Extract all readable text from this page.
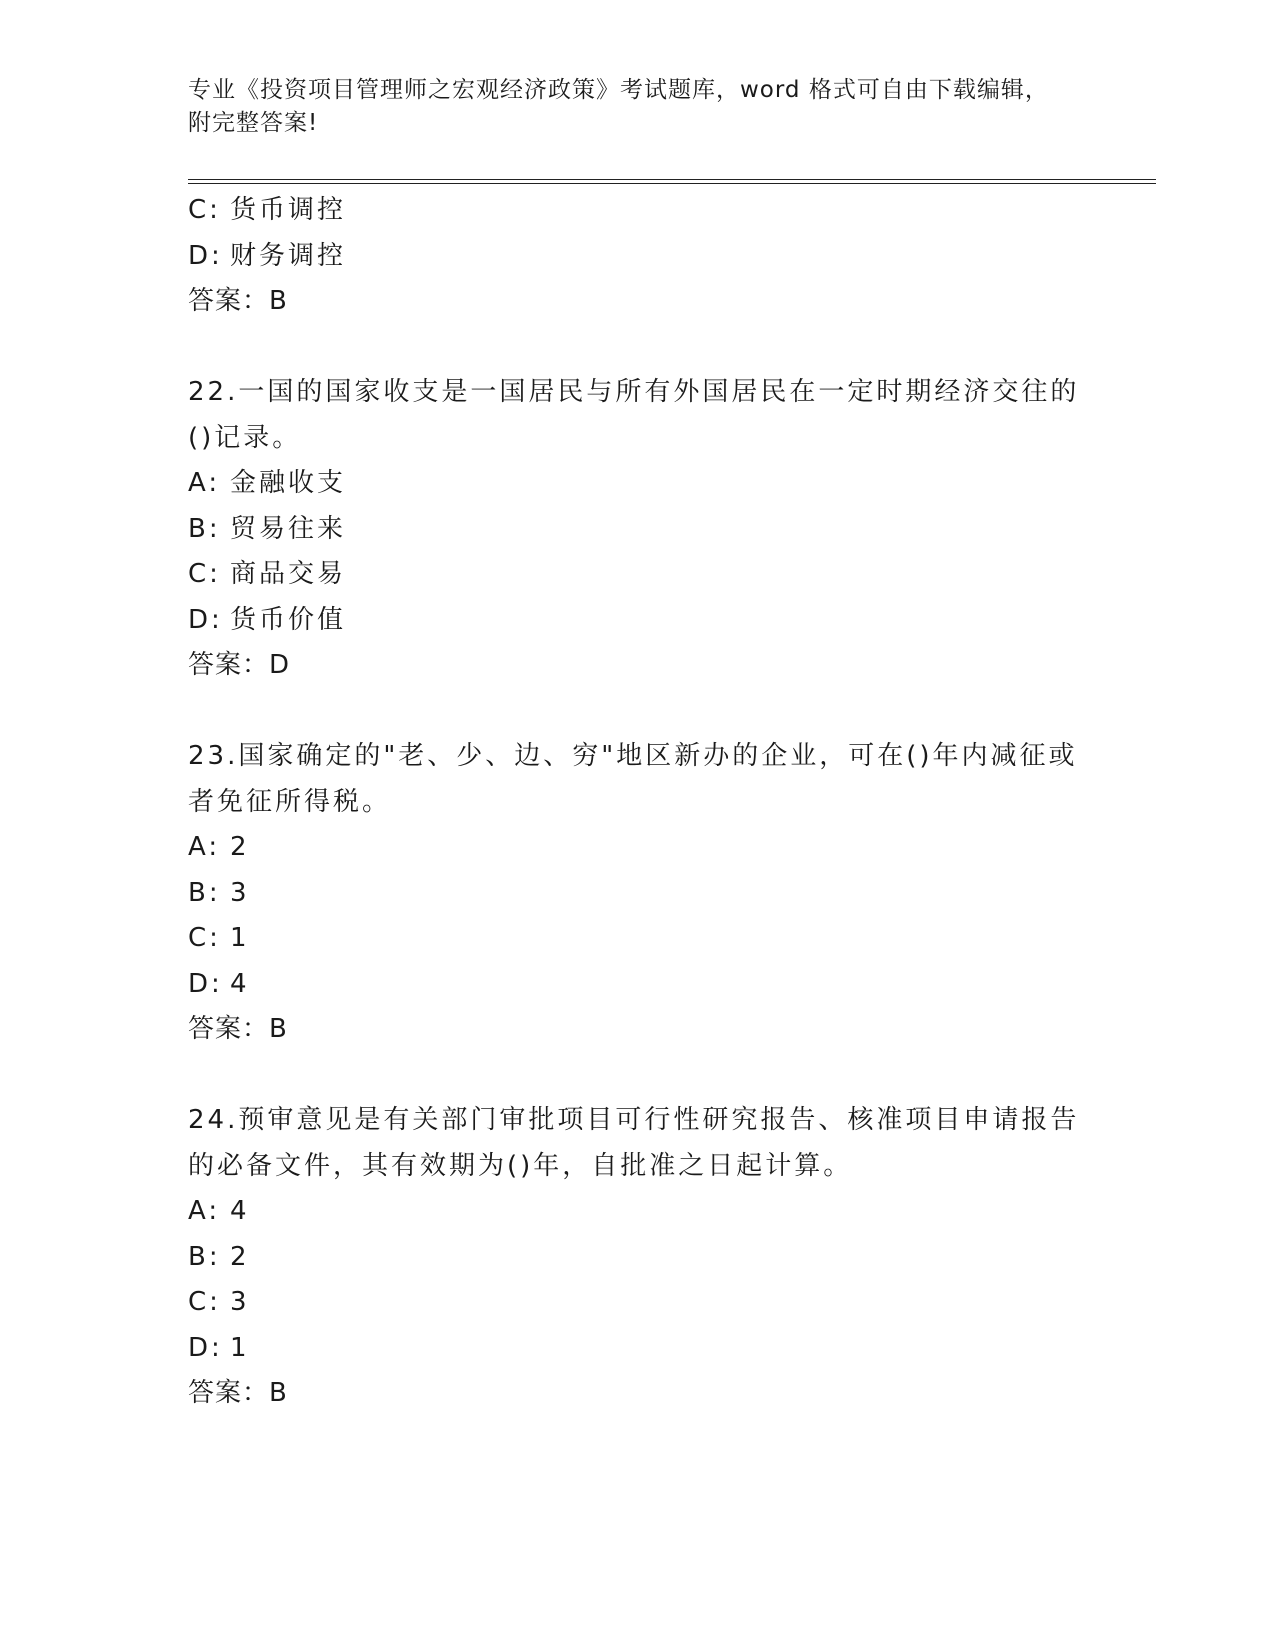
专业《投资项目管理师之宏观经济政策》考试题库，word 格式可自由下载编辑，
附完整答案!
C: 货币调控
D: 财务调控
答案：B
22.一国的国家收支是一国居民与所有外国居民在一定时期经济交往的
()记录。
A: 金融收支
B: 贸易往来
C: 商品交易
D: 货币价值
答案：D
23.国家确定的"老、少、边、穷"地区新办的企业，可在()年内减征或
者免征所得税。
A: 2
B: 3
C: 1
D: 4
答案：B
24.预审意见是有关部门审批项目可行性研究报告、核准项目申请报告
的必备文件，其有效期为()年，自批准之日起计算。
A: 4
B: 2
C: 3
D: 1
答案：B
